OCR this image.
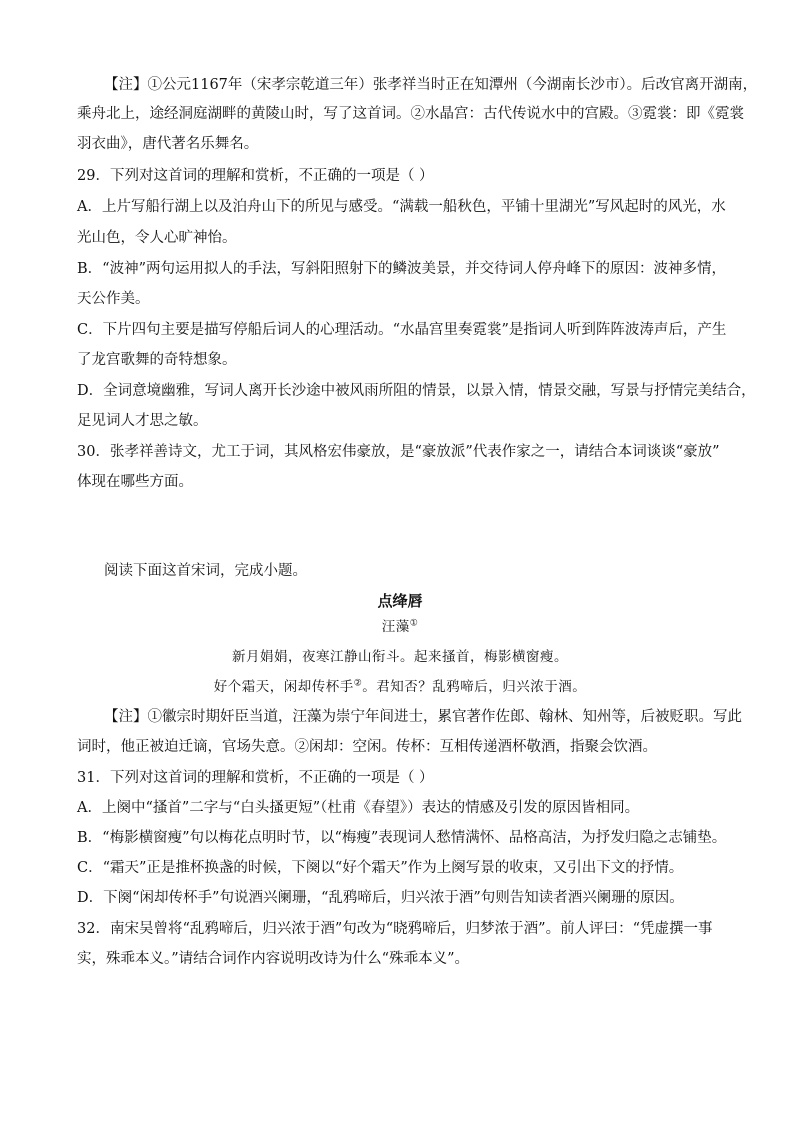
【注】①公元1167年（宋孝宗乾道三年）张孝祥当时正在知潭州（今湖南长沙市）。后改官离开湖南，
乘舟北上，途经洞庭湖畔的黄陵山时，写了这首词。②水晶宫：古代传说水中的宫殿。③霓裳：即《霓裳
羽衣曲》，唐代著名乐舞名。
29．下列对这首词的理解和赏析，不正确的一项是（ ）
A．上片写船行湖上以及泊舟山下的所见与感受。“满载一船秋色，平铺十里湖光”写风起时的风光，水
光山色，令人心旷神怡。
B．“波神”两句运用拟人的手法，写斜阳照射下的鳞波美景，并交待词人停舟峰下的原因：波神多情，
天公作美。
C．下片四句主要是描写停船后词人的心理活动。“水晶宫里奏霓裳”是指词人听到阵阵波涛声后，产生
了龙宫歌舞的奇特想象。
D．全词意境幽雅，写词人离开长沙途中被风雨所阻的情景，以景入情，情景交融，写景与抒情完美结合，
足见词人才思之敏。
30．张孝祥善诗文，尤工于词，其风格宏伟豪放，是“豪放派”代表作家之一，请结合本词谈谈“豪放”
体现在哪些方面。
阅读下面这首宋词，完成小题。
点绛唇
汪藻①
新月娟娟，夜寒江静山衔斗。起来搔首，梅影横窗瘦。
好个霜天，闲却传杯手②。君知否？乱鸦啼后，归兴浓于酒。
【注】①徽宗时期奸臣当道，汪藻为崇宁年间进士，累官著作佐郎、翰林、知州等，后被贬职。写此
词时，他正被迫迁谪，官场失意。②闲却：空闲。传杯：互相传递酒杯敬酒，指聚会饮酒。
31．下列对这首词的理解和赏析，不正确的一项是（ ）
A．上阕中“搔首”二字与“白头搔更短”（杜甫《春望》）表达的情感及引发的原因皆相同。
B．“梅影横窗瘦”句以梅花点明时节，以“梅瘦”表现词人愁情满怀、品格高洁，为抒发归隐之志铺垫。
C．“霜天”正是推杯换盏的时候，下阕以“好个霜天”作为上阕写景的收束，又引出下文的抒情。
D．下阕“闲却传杯手”句说酒兴阑珊，“乱鸦啼后，归兴浓于酒”句则告知读者酒兴阑珊的原因。
32．南宋吴曾将“乱鸦啼后，归兴浓于酒”句改为“晓鸦啼后，归梦浓于酒”。前人评曰：“凭虚撰一事
实，殊乖本义。”请结合词作内容说明改诗为什么“殊乖本义”。
